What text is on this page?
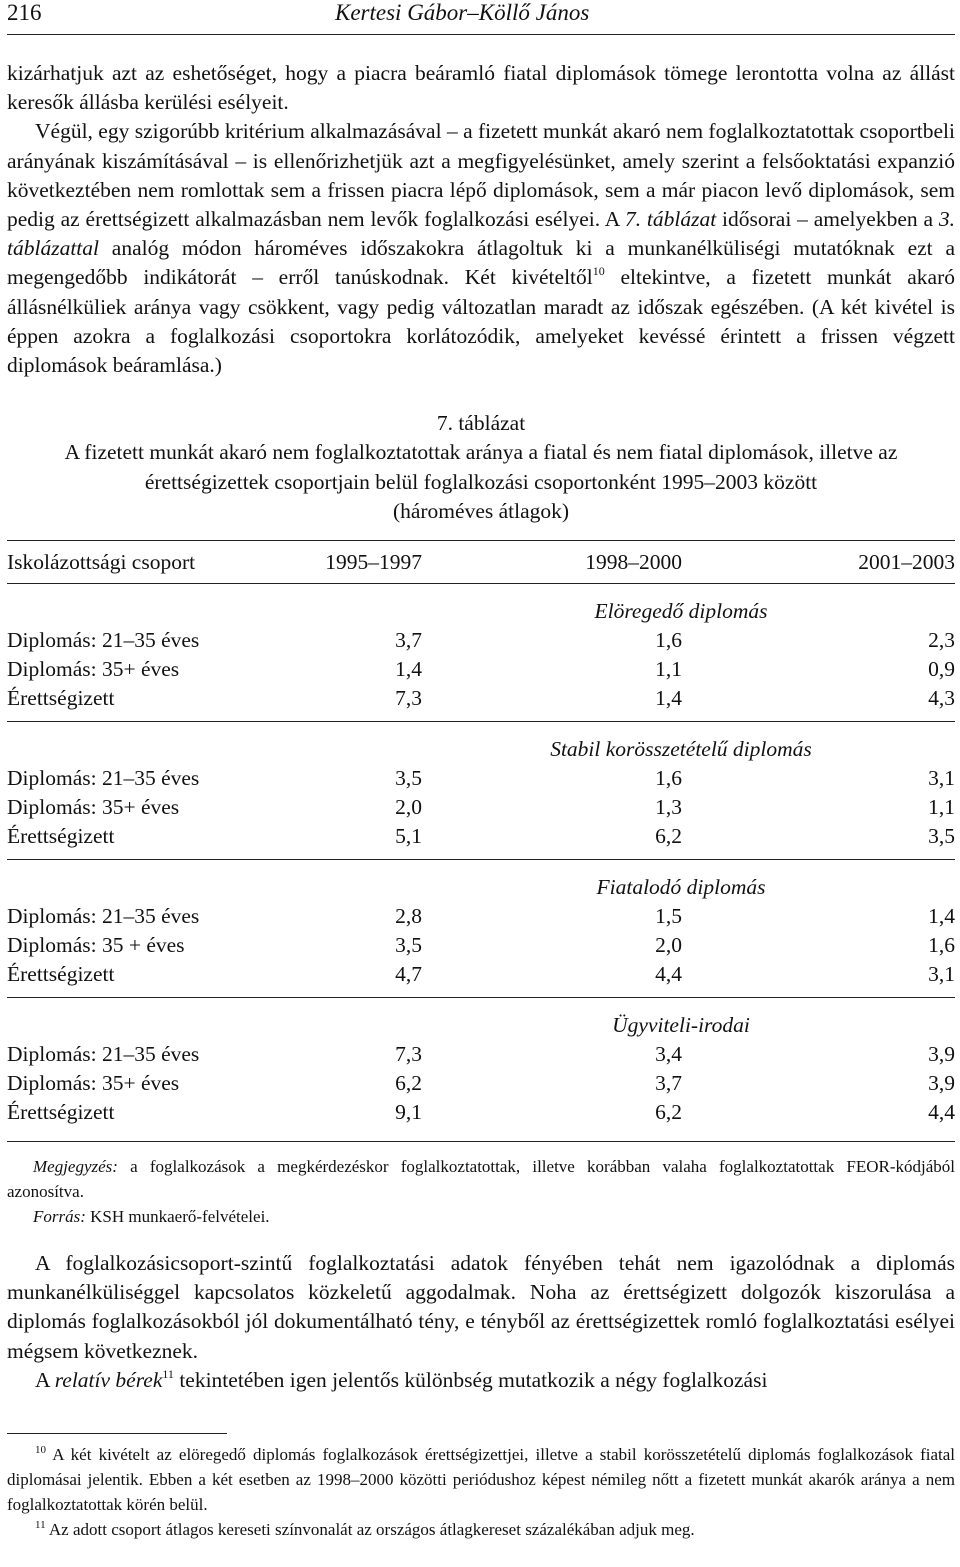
216	Kertesi Gábor–Köllő János

kizárhatjuk azt az eshetőséget, hogy a piacra beáramló fiatal diplomások tömege lerontotta volna az állást keresők állásba kerülési esélyeit.

Végül, egy szigorúbb kritérium alkalmazásával – a fizetett munkát akaró nem foglalkoztatottak csoportbeli arányának kiszámításával – is ellenőrizhetjük azt a megfigyelésünket, amely szerint a felsőoktatási expanzió következtében nem romlottak sem a frissen piacra lépő diplomások, sem a már piacon levő diplomások, sem pedig az érettségizett alkalmazásban nem levők foglalkozási esélyei. A 7. táblázat idősorai – amelyekben a 3. táblázattal analóg módon hároméves időszakokra átlagoltuk ki a munkanélküliségi mutatóknak ezt a megengedőbb indikátorát – erről tanúskodnak. Két kivételtől$^{10}$ eltekintve, a fizetett munkát akaró állásnélküliek aránya vagy csökkent, vagy pedig változatlan maradt az időszak egészében. (A két kivétel is éppen azokra a foglalkozási csoportokra korlátozódik, amelyeket kevéssé érintett a frissen végzett diplomások beáramlása.)

7. táblázat
A fizetett munkát akaró nem foglalkoztatottak aránya a fiatal és nem fiatal diplomások, illetve az érettségizettek csoportjain belül foglalkozási csoportonként 1995–2003 között
(hároméves átlagok)
Iskolázottsági csoport	1995–1997	1998–2000	2001–2003
	Elöregedő diplomás		
Diplomás: 21–35 éves	3,7	1,6	2,3
Diplomás: 35+ éves	1,4	1,1	0,9
Érettségizett	7,3	1,4	4,3

	Stabil korösszetételű diplomás		
Diplomás: 21–35 éves	3,5	1,6	3,1
Diplomás: 35+ éves	2,0	1,3	1,1
Érettségizett	5,1	6,2	3,5

	Fiatalodó diplomás		
Diplomás: 21–35 éves	2,8	1,5	1,4
Diplomás: 35 + éves	3,5	2,0	1,6
Érettségizett	4,7	4,4	3,1

	Ügyviteli-irodai		
Diplomás: 21–35 éves	7,3	3,4	3,9
Diplomás: 35+ éves	6,2	3,7	3,9
Érettségizett	9,1	6,2	4,4

Megjegyzés: a foglalkozások a megkérdezéskor foglalkoztatottak, illetve korábban valaha foglalkoztatottak FEOR-kódjából azonosítva.

Forrás: KSH munkaerő-felvételei.

A foglalkozásicsoport-szintű foglalkoztatási adatok fényében tehát nem igazolódnak a diplomás munkanélküliséggel kapcsolatos közkeletű aggodalmak. Noha az érettségizett dolgozók kiszorulása a diplomás foglalkozásokból jól dokumentálható tény, e tényből az érettségizettek romló foglalkoztatási esélyei mégsem következnek.

A relatív bérek$^{11}$ tekintetében igen jelentős különbség mutatkozik a négy foglalkozási

$^{10}$ A két kivételt az elöregedő diplomás foglalkozások érettségizettjei, illetve a stabil korösszetételű diplomás foglalkozások fiatal diplomásai jelentik. Ebben a két esetben az 1998–2000 közötti periódushoz képest némileg nőtt a fizetett munkát akarók aránya a nem foglalkoztatottak körén belül.

$^{11}$ Az adott csoport átlagos kereseti színvonalát az országos átlagkereset százalékában adjuk meg.
